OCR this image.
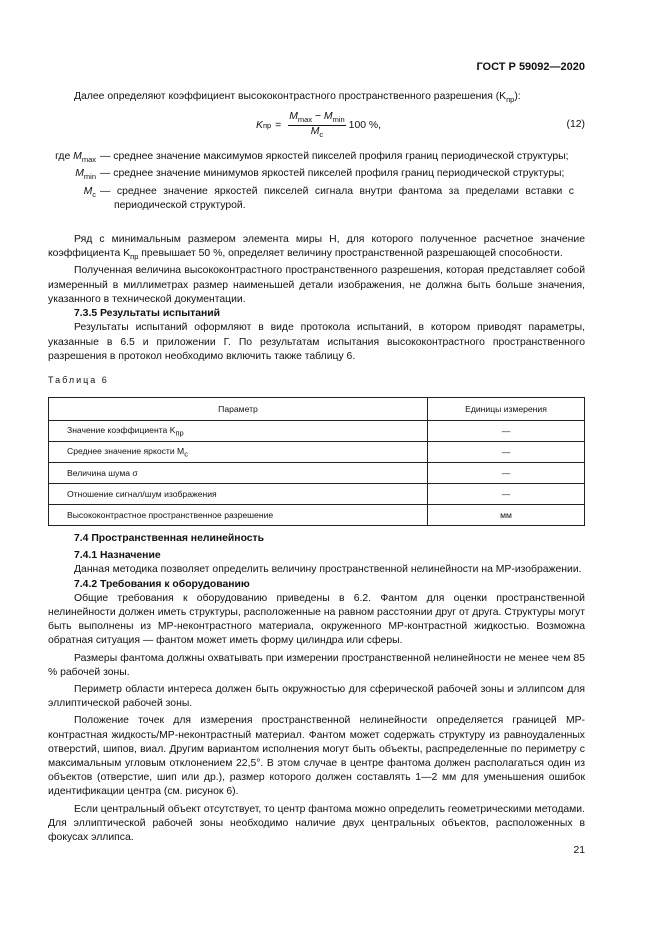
ГОСТ Р 59092—2020

Далее определяют коэффициент высококонтрастного пространственного разрешения $(K_{пр})$:

K пр =
$M_{max} - M_{min}$
$M_c$
100 %,	(12)
где $M_{max}$ — среднее значение максимумов яркостей пикселей профиля границ периодической структуры;
$M_{min}$ — среднее значение минимумов яркостей пикселей профиля границ периодической структуры;
$M_c$ — среднее значение яркостей пикселей сигнала внутри фантома за пределами вставки с периодической структурой.

Ряд с минимальным размером элемента миры H, для которого полученное расчетное значение коэффициента $K_{пр}$ превышает 50 %, определяет величину пространственной разрешающей способности.

Полученная величина высококонтрастного пространственного разрешения, которая представляет собой измеренный в миллиметрах размер наименьшей детали изображения, не должна быть больше значения, указанного в технической документации.

7.3.5 Результаты испытаний

Результаты испытаний оформляют в виде протокола испытаний, в котором приводят параметры, указанные в 6.5 и приложении Г. По результатам испытания высококонтрастного пространственного разрешения в протокол необходимо включить также таблицу 6.

Таблица 6
Параметр	Единицы измерения
Значение коэффициента $K_{пр}$	—
Среднее значение яркости $M_c$	—
Величина шума σ	—
Отношение сигнал/шум изображения	—
Высококонтрастное пространственное разрешение	мм

7.4 Пространственная нелинейность

7.4.1 Назначение

Данная методика позволяет определить величину пространственной нелинейности на МР-изображении.

7.4.2 Требования к оборудованию

Общие требования к оборудованию приведены в 6.2. Фантом для оценки пространственной нелинейности должен иметь структуры, расположенные на равном расстоянии друг от друга. Структуры могут быть выполнены из МР-неконтрастного материала, окруженного МР-контрастной жидкостью. Возможна обратная ситуация — фантом может иметь форму цилиндра или сферы.

Размеры фантома должны охватывать при измерении пространственной нелинейности не менее чем 85 % рабочей зоны.

Периметр области интереса должен быть окружностью для сферической рабочей зоны и эллипсом для эллиптической рабочей зоны.

Положение точек для измерения пространственной нелинейности определяется границей МР-контрастная жидкость/МР-неконтрастный материал. Фантом может содержать структуру из равноудаленных отверстий, шипов, виал. Другим вариантом исполнения могут быть объекты, распределенные по периметру с максимальным угловым отклонением 22,5°. В этом случае в центре фантома должен располагаться один из объектов (отверстие, шип или др.), размер которого должен составлять 1—2 мм для уменьшения ошибок идентификации центра (см. рисунок 6).

Если центральный объект отсутствует, то центр фантома можно определить геометрическими методами. Для эллиптической рабочей зоны необходимо наличие двух центральных объектов, расположенных в фокусах эллипса.

21
